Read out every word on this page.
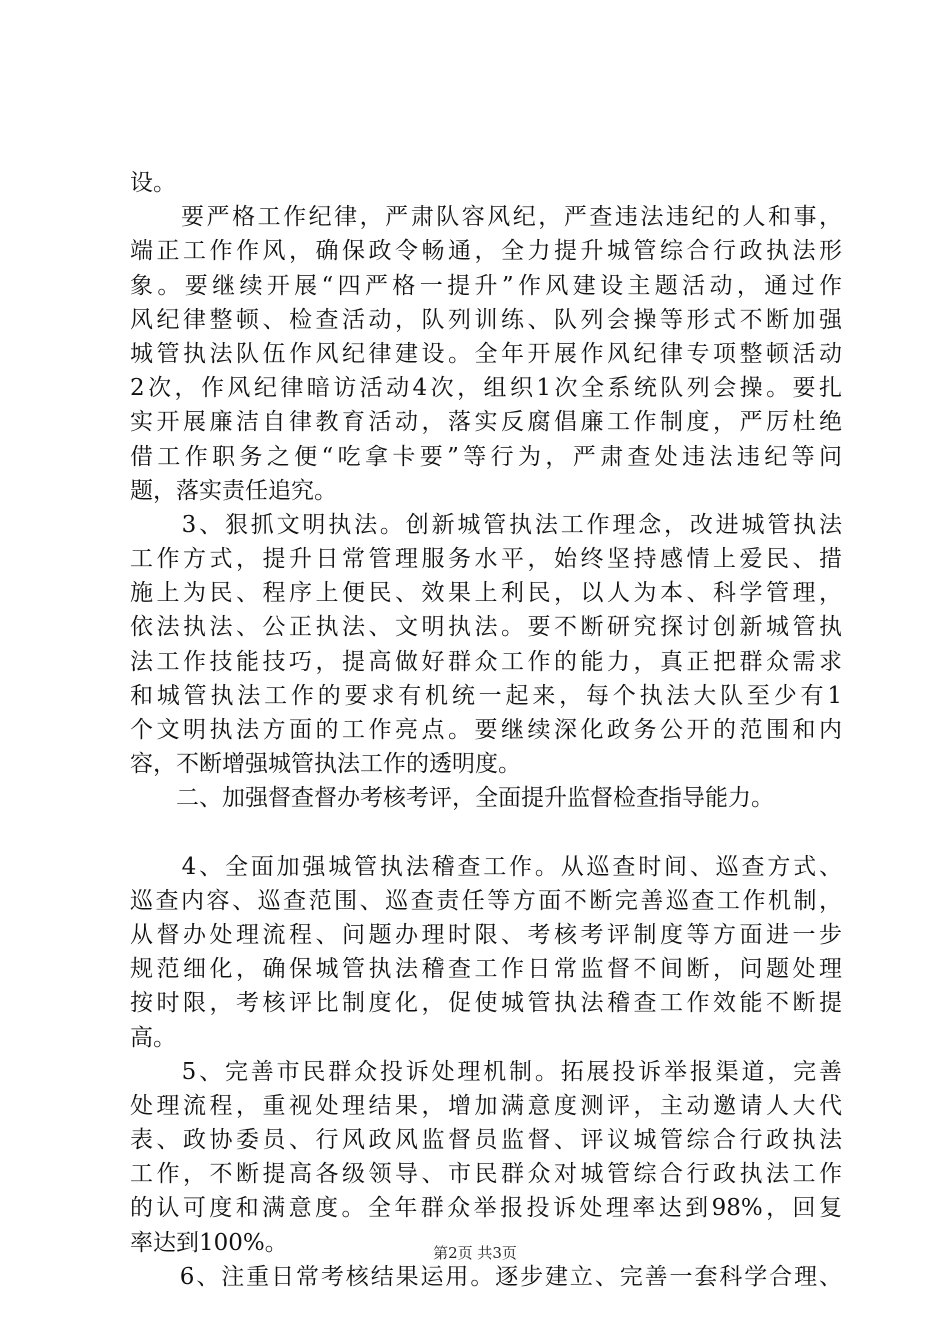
设。
　　要严格工作纪律，严肃队容风纪，严查违法违纪的人和事，
端正工作作风，确保政令畅通，全力提升城管综合行政执法形
象。要继续开展“四严格一提升”作风建设主题活动，通过作
风纪律整顿、检查活动，队列训练、队列会操等形式不断加强
城管执法队伍作风纪律建设。全年开展作风纪律专项整顿活动
2次，作风纪律暗访活动4次，组织1次全系统队列会操。要扎
实开展廉洁自律教育活动，落实反腐倡廉工作制度，严厉杜绝
借工作职务之便“吃拿卡要”等行为，严肃查处违法违纪等问
题，落实责任追究。
　　3、狠抓文明执法。创新城管执法工作理念，改进城管执法
工作方式，提升日常管理服务水平，始终坚持感情上爱民、措
施上为民、程序上便民、效果上利民，以人为本、科学管理，
依法执法、公正执法、文明执法。要不断研究探讨创新城管执
法工作技能技巧，提高做好群众工作的能力，真正把群众需求
和城管执法工作的要求有机统一起来，每个执法大队至少有1
个文明执法方面的工作亮点。要继续深化政务公开的范围和内
容，不断增强城管执法工作的透明度。
　　二、加强督查督办考核考评，全面提升监督检查指导能力。
　　4、全面加强城管执法稽查工作。从巡查时间、巡查方式、
巡查内容、巡查范围、巡查责任等方面不断完善巡查工作机制，
从督办处理流程、问题办理时限、考核考评制度等方面进一步
规范细化，确保城管执法稽查工作日常监督不间断，问题处理
按时限，考核评比制度化，促使城管执法稽查工作效能不断提
高。
　　5、完善市民群众投诉处理机制。拓展投诉举报渠道，完善
处理流程，重视处理结果，增加满意度测评，主动邀请人大代
表、政协委员、行风政风监督员监督、评议城管综合行政执法
工作，不断提高各级领导、市民群众对城管综合行政执法工作
的认可度和满意度。全年群众举报投诉处理率达到98%，回复
率达到100%。
　　6、注重日常考核结果运用。逐步建立、完善一套科学合理、
第2页 共3页
